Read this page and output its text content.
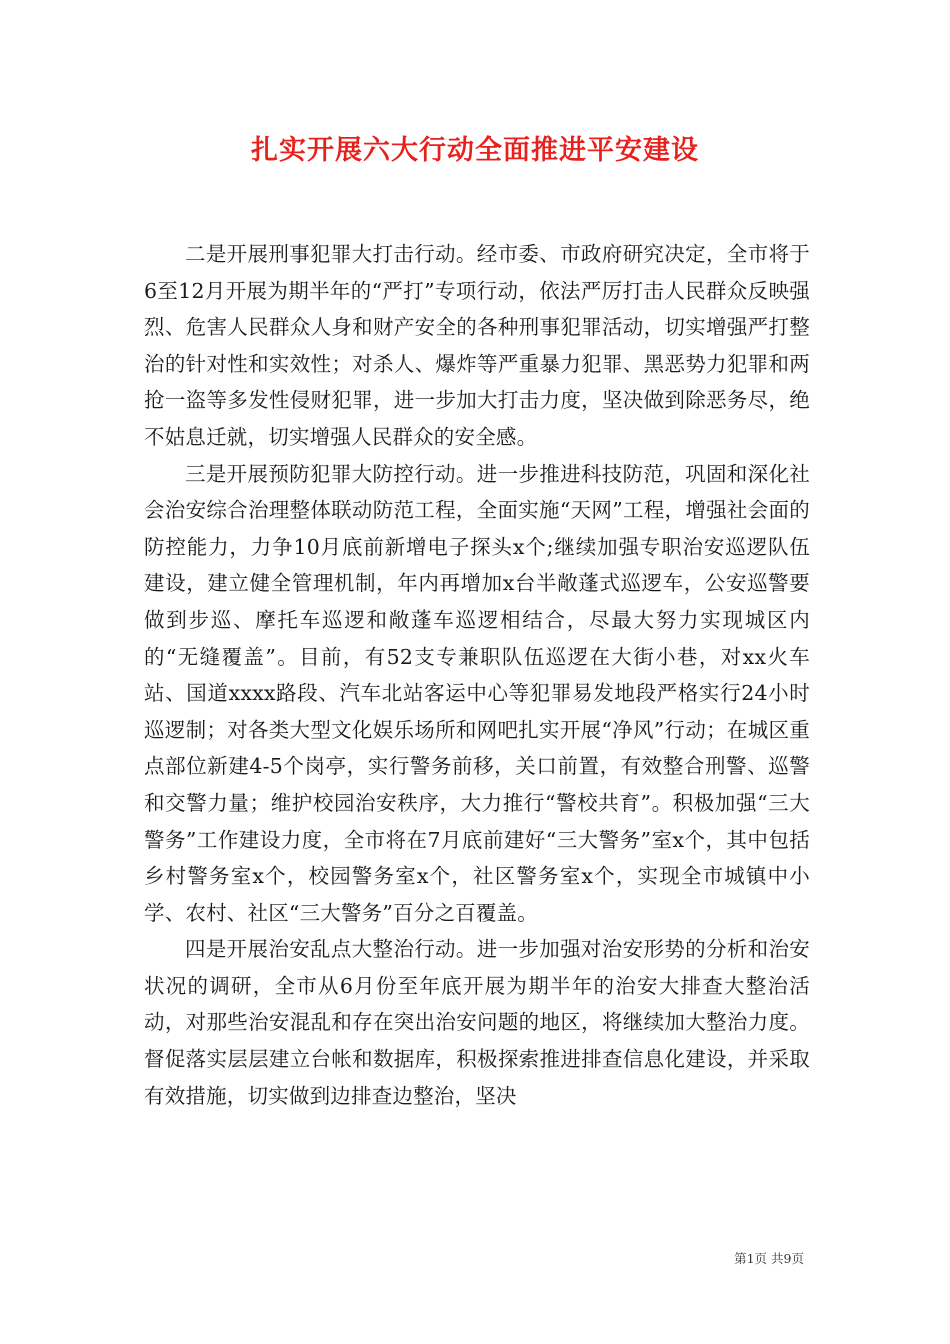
扎实开展六大行动全面推进平安建设

二是开展刑事犯罪大打击行动。经市委、市政府研究决定，全市将于6至12月开展为期半年的“严打”专项行动，依法严厉打击人民群众反映强烈、危害人民群众人身和财产安全的各种刑事犯罪活动，切实增强严打整治的针对性和实效性；对杀人、爆炸等严重暴力犯罪、黑恶势力犯罪和两抢一盗等多发性侵财犯罪，进一步加大打击力度，坚决做到除恶务尽，绝不姑息迁就，切实增强人民群众的安全感。

三是开展预防犯罪大防控行动。进一步推进科技防范，巩固和深化社会治安综合治理整体联动防范工程，全面实施“天网”工程，增强社会面的防控能力，力争10月底前新增电子探头x个;继续加强专职治安巡逻队伍建设，建立健全管理机制，年内再增加x台半敞蓬式巡逻车，公安巡警要做到步巡、摩托车巡逻和敞蓬车巡逻相结合，尽最大努力实现城区内的“无缝覆盖”。目前，有52支专兼职队伍巡逻在大街小巷，对xx火车站、国道xxxx路段、汽车北站客运中心等犯罪易发地段严格实行24小时巡逻制；对各类大型文化娱乐场所和网吧扎实开展“净风”行动；在城区重点部位新建4-5个岗亭，实行警务前移，关口前置，有效整合刑警、巡警和交警力量；维护校园治安秩序，大力推行“警校共育”。积极加强“三大警务”工作建设力度，全市将在7月底前建好“三大警务”室x个，其中包括乡村警务室x个，校园警务室x个，社区警务室x个，实现全市城镇中小学、农村、社区“三大警务”百分之百覆盖。

四是开展治安乱点大整治行动。进一步加强对治安形势的分析和治安状况的调研，全市从6月份至年底开展为期半年的治安大排查大整治活动，对那些治安混乱和存在突出治安问题的地区，将继续加大整治力度。督促落实层层建立台帐和数据库，积极探索推进排查信息化建设，并采取有效措施，切实做到边排查边整治，坚决

第1页 共9页
